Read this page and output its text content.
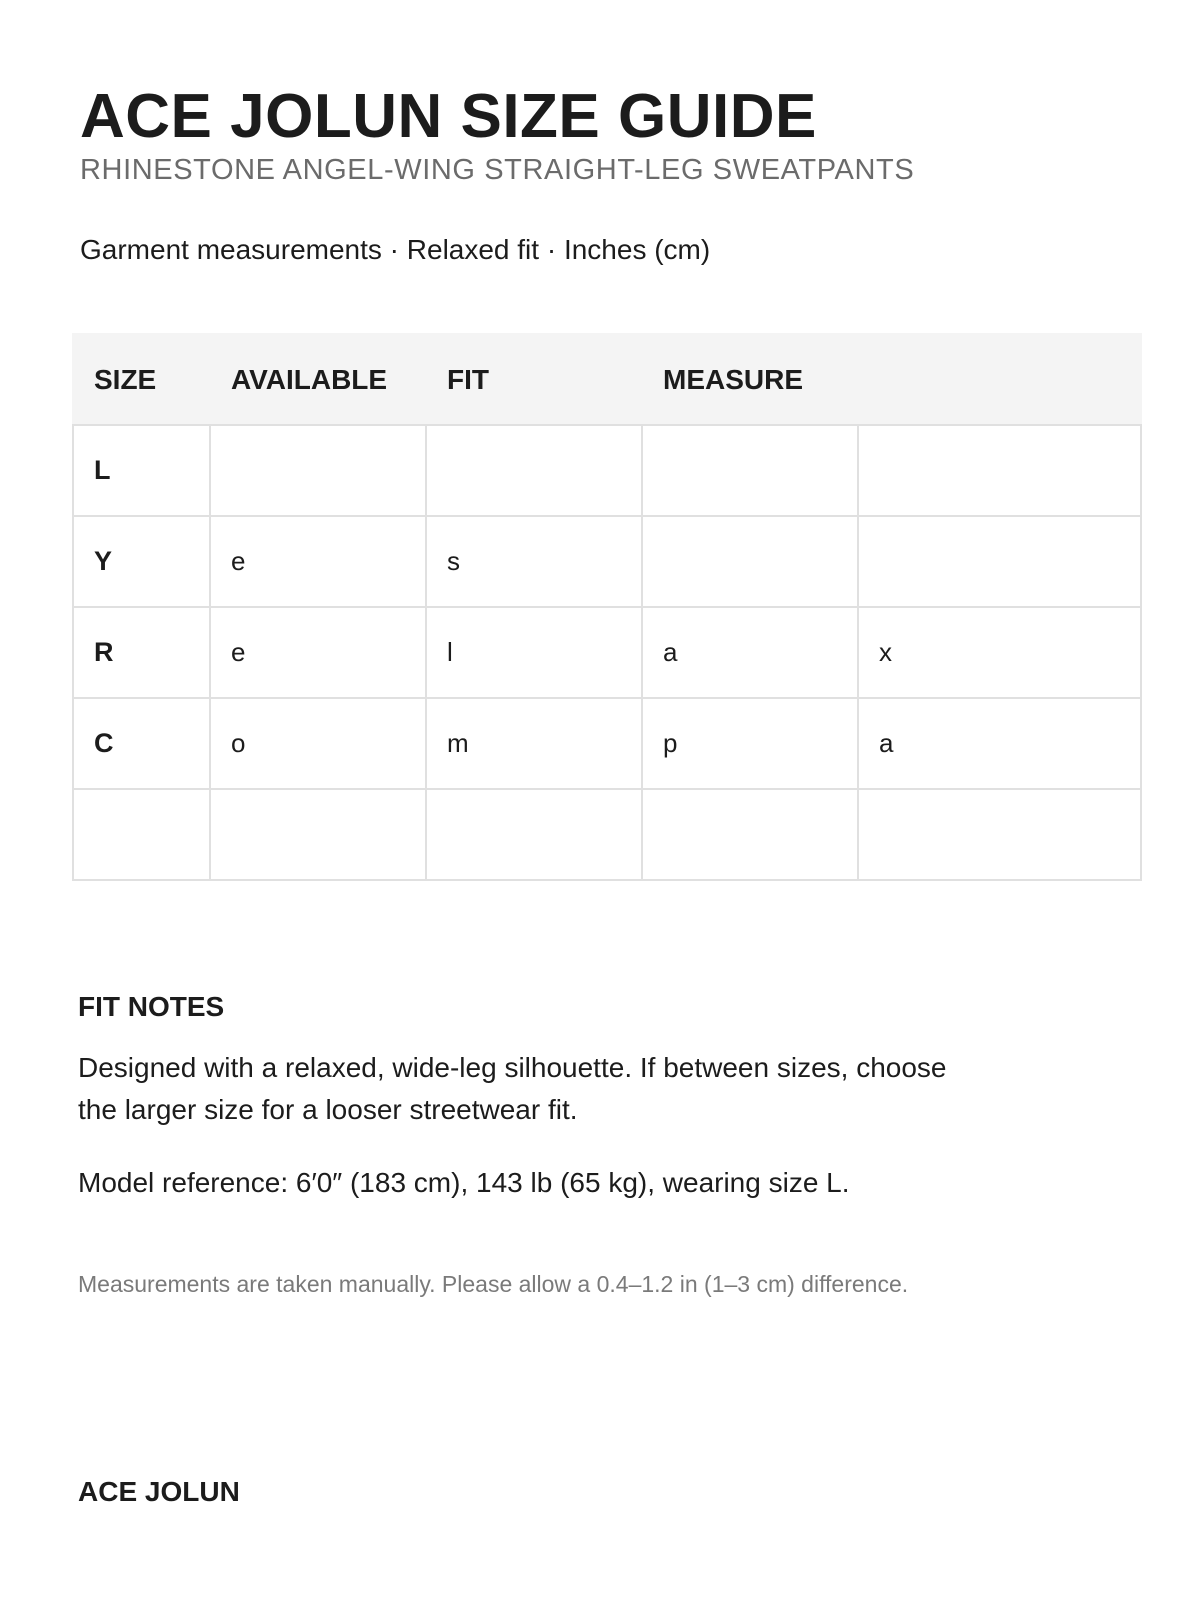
ACE JOLUN SIZE GUIDE
RHINESTONE ANGEL-WING STRAIGHT-LEG SWEATPANTS
Garment measurements · Relaxed fit · Inches (cm)
SIZE	AVAILABLE	FIT	MEASURE	
L				
Y	e	s		
R	e	l	a	x
C	o	m	p	a

FIT NOTES
Designed with a relaxed, wide-leg silhouette. If between sizes, choose the larger size for a looser streetwear fit.
Model reference: 6′0″ (183 cm), 143 lb (65 kg), wearing size L.
Measurements are taken manually. Please allow a 0.4–1.2 in (1–3 cm) difference.
ACE JOLUN
